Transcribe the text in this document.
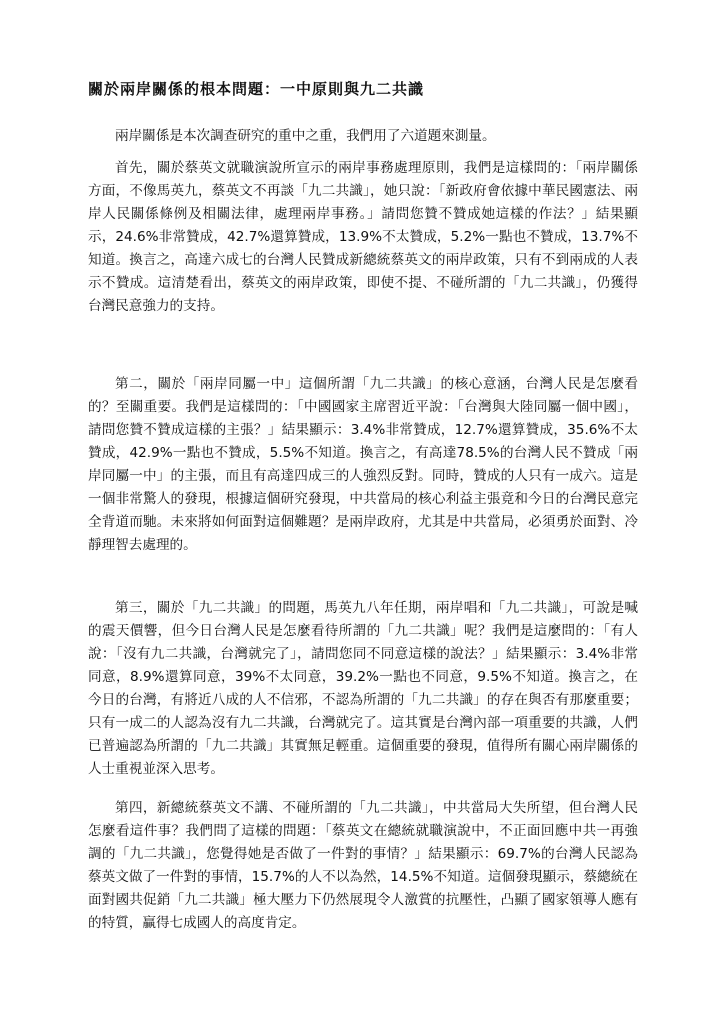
關於兩岸關係的根本問題：一中原則與九二共識

兩岸關係是本次調查研究的重中之重，我們用了六道題來測量。

首先，關於蔡英文就職演說所宣示的兩岸事務處理原則，我們是這樣問的：「兩岸關係方面，不像馬英九，蔡英文不再談「九二共識」，她只說：「新政府會依據中華民國憲法、兩岸人民關係條例及相關法律，處理兩岸事務。」請問您贊不贊成她這樣的作法？」結果顯示，24.6%非常贊成，42.7%還算贊成，13.9%不太贊成，5.2%一點也不贊成，13.7%不知道。換言之，高達六成七的台灣人民贊成新總統蔡英文的兩岸政策，只有不到兩成的人表示不贊成。這清楚看出，蔡英文的兩岸政策，即使不提、不碰所謂的「九二共識」，仍獲得台灣民意強力的支持。

第二，關於「兩岸同屬一中」這個所謂「九二共識」的核心意涵，台灣人民是怎麼看的？至關重要。我們是這樣問的：「中國國家主席習近平說：「台灣與大陸同屬一個中國」，請問您贊不贊成這樣的主張？」結果顯示：3.4%非常贊成，12.7%還算贊成，35.6%不太贊成，42.9%一點也不贊成，5.5%不知道。換言之，有高達78.5%的台灣人民不贊成「兩岸同屬一中」的主張，而且有高達四成三的人強烈反對。同時，贊成的人只有一成六。這是一個非常驚人的發現，根據這個研究發現，中共當局的核心利益主張竟和今日的台灣民意完全背道而馳。未來將如何面對這個難題？是兩岸政府，尤其是中共當局，必須勇於面對、冷靜理智去處理的。

第三，關於「九二共識」的問題，馬英九八年任期，兩岸唱和「九二共識」，可說是喊的震天價響，但今日台灣人民是怎麼看待所謂的「九二共識」呢？我們是這麼問的：「有人說：「沒有九二共識，台灣就完了」，請問您同不同意這樣的說法？」結果顯示：3.4%非常同意，8.9%還算同意，39%不太同意，39.2%一點也不同意，9.5%不知道。換言之，在今日的台灣，有將近八成的人不信邪，不認為所謂的「九二共識」的存在與否有那麼重要；只有一成二的人認為沒有九二共識，台灣就完了。這其實是台灣內部一項重要的共識，人們已普遍認為所謂的「九二共識」其實無足輕重。這個重要的發現，值得所有關心兩岸關係的人士重視並深入思考。

第四，新總統蔡英文不講、不碰所謂的「九二共識」，中共當局大失所望，但台灣人民怎麼看這件事？我們問了這樣的問題：「蔡英文在總統就職演說中，不正面回應中共一再強調的「九二共識」，您覺得她是否做了一件對的事情？」結果顯示：69.7%的台灣人民認為蔡英文做了一件對的事情，15.7%的人不以為然，14.5%不知道。這個發現顯示，蔡總統在面對國共促銷「九二共識」極大壓力下仍然展現令人激賞的抗壓性，凸顯了國家領導人應有的特質，贏得七成國人的高度肯定。
